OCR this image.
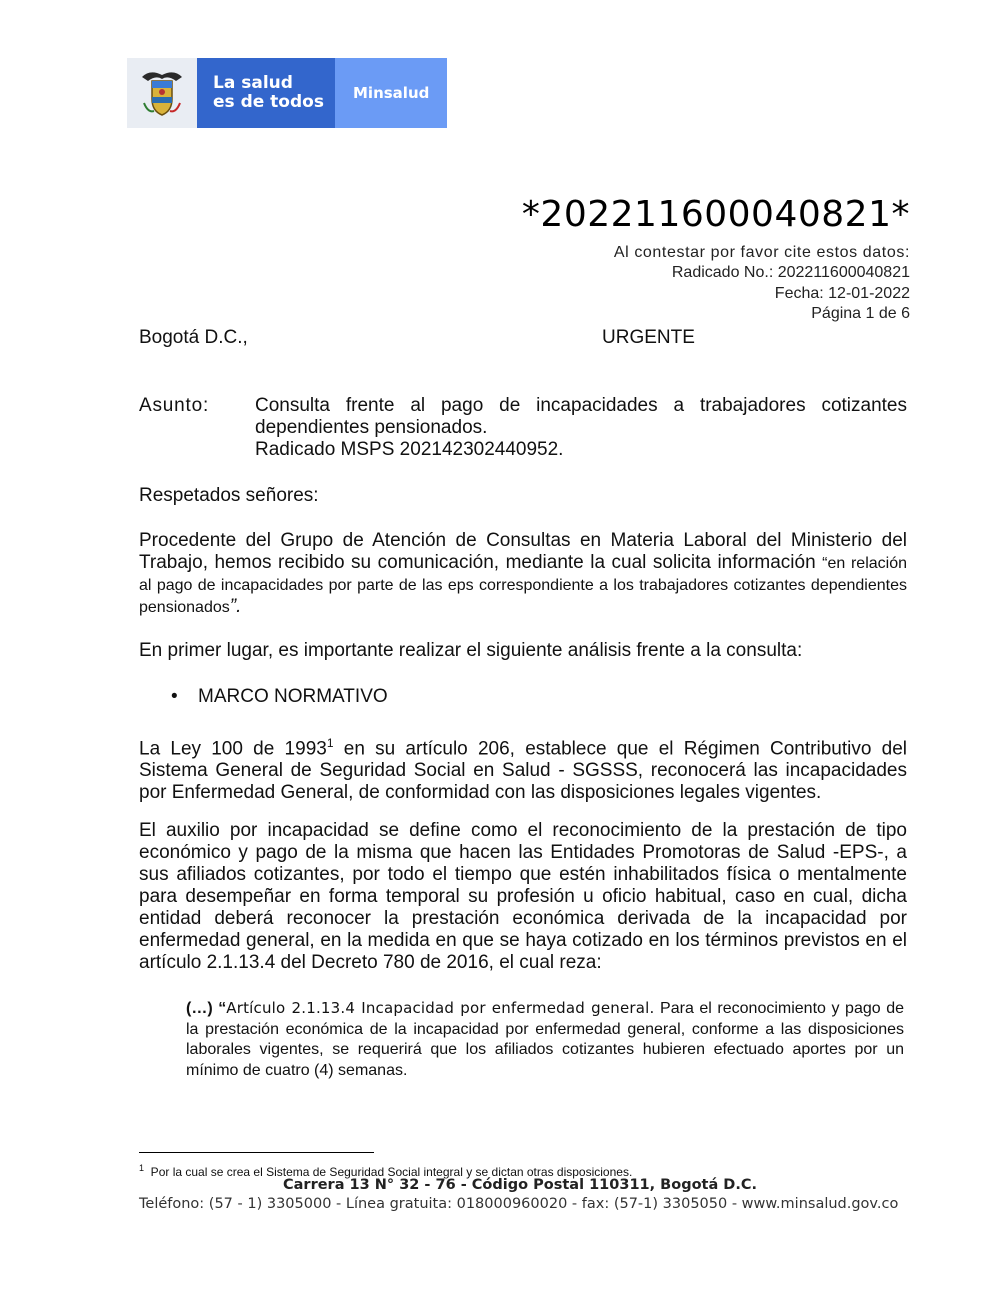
La salud
es de todos	Minsalud
*202211600040821*
Al contestar por favor cite estos datos:
Radicado No.: 202211600040821
Fecha: 12-01-2022
Página 1 de 6
Bogotá D.C.,	URGENTE
Asunto: Consulta frente al pago de incapacidades a trabajadores cotizantes dependientes pensionados.
Radicado MSPS 202142302440952.
Respetados señores:
Procedente del Grupo de Atención de Consultas en Materia Laboral del Ministerio del Trabajo, hemos recibido su comunicación, mediante la cual solicita información “en relación al pago de incapacidades por parte de las eps correspondiente a los trabajadores cotizantes dependientes pensionados”.
En primer lugar, es importante realizar el siguiente análisis frente a la consulta:
• MARCO NORMATIVO
La Ley 100 de 1993$^1$ en su artículo 206, establece que el Régimen Contributivo del Sistema General de Seguridad Social en Salud - SGSSS, reconocerá las incapacidades por Enfermedad General, de conformidad con las disposiciones legales vigentes.
El auxilio por incapacidad se define como el reconocimiento de la prestación de tipo económico y pago de la misma que hacen las Entidades Promotoras de Salud -EPS-, a sus afiliados cotizantes, por todo el tiempo que estén inhabilitados física o mentalmente para desempeñar en forma temporal su profesión u oficio habitual, caso en cual, dicha entidad deberá reconocer la prestación económica derivada de la incapacidad por enfermedad general, en la medida en que se haya cotizado en los términos previstos en el artículo 2.1.13.4 del Decreto 780 de 2016, el cual reza:
(…) “Artículo 2.1.13.4 Incapacidad por enfermedad general. Para el reconocimiento y pago de la prestación económica de la incapacidad por enfermedad general, conforme a las disposiciones laborales vigentes, se requerirá que los afiliados cotizantes hubieren efectuado aportes por un mínimo de cuatro (4) semanas.
$^1$  Por la cual se crea el Sistema de Seguridad Social integral y se dictan otras disposiciones.
Carrera 13 N° 32 - 76 - Código Postal 110311, Bogotá D.C.
Teléfono: (57 - 1) 3305000 - Línea gratuita: 018000960020 - fax: (57-1) 3305050 - www.minsalud.gov.co
